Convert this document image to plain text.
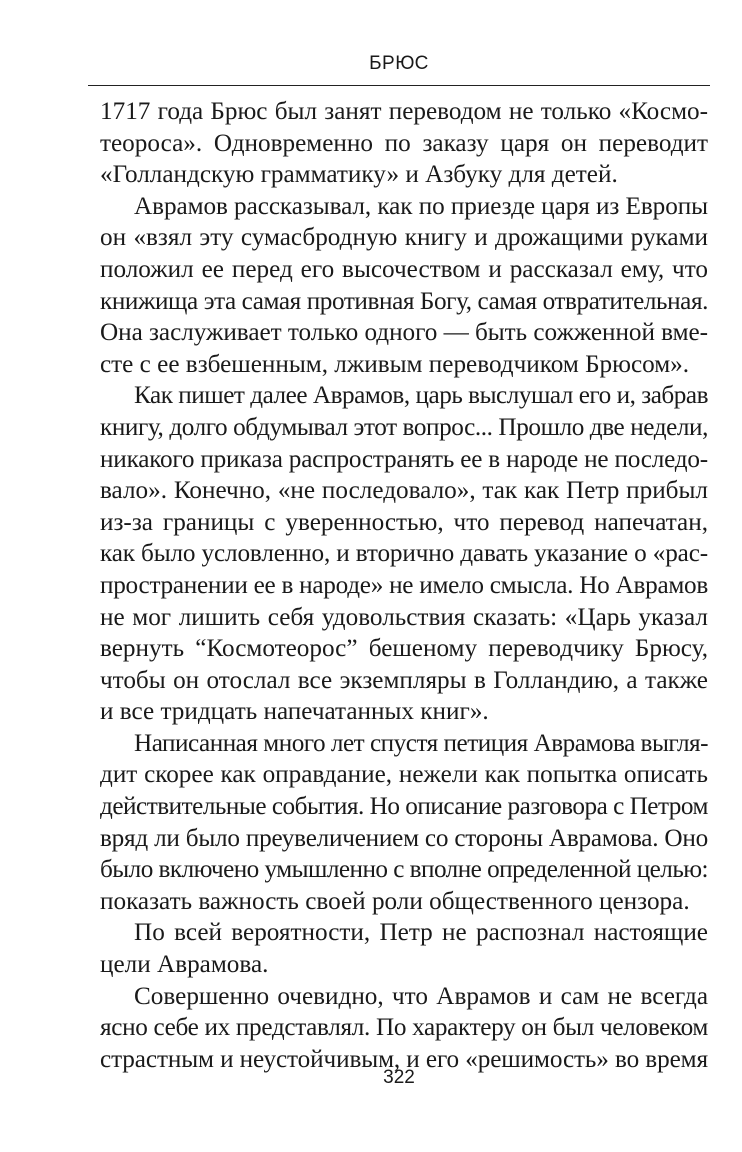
БРЮС
1717 года Брюс был занят переводом не только «Космо-
теороса». Одновременно по заказу царя он переводит
«Голландскую грамматику» и Азбуку для детей.
Аврамов рассказывал, как по приезде царя из Европы
он «взял эту сумасбродную книгу и дрожащими руками
положил ее перед его высочеством и рассказал ему, что
книжища эта самая противная Богу, самая отвратительная.
Она заслуживает только одного — быть сожженной вме-
сте с ее взбешенным, лживым переводчиком Брюсом».
Как пишет далее Аврамов, царь выслушал его и, забрав
книгу, долго обдумывал этот вопрос... Прошло две недели,
никакого приказа распространять ее в народе не последо-
вало». Конечно, «не последовало», так как Петр прибыл
из-за границы с уверенностью, что перевод напечатан,
как было условленно, и вторично давать указание о «рас-
пространении ее в народе» не имело смысла. Но Аврамов
не мог лишить себя удовольствия сказать: «Царь указал
вернуть “Космотеорос” бешеному переводчику Брюсу,
чтобы он отослал все экземпляры в Голландию, а также
и все тридцать напечатанных книг».
Написанная много лет спустя петиция Аврамова выгля-
дит скорее как оправдание, нежели как попытка описать
действительные события. Но описание разговора с Петром
вряд ли было преувеличением со стороны Аврамова. Оно
было включено умышленно с вполне определенной целью:
показать важность своей роли общественного цензора.
По всей вероятности, Петр не распознал настоящие
цели Аврамова.
Совершенно очевидно, что Аврамов и сам не всегда
ясно себе их представлял. По характеру он был человеком
страстным и неустойчивым, и его «решимость» во время
322
